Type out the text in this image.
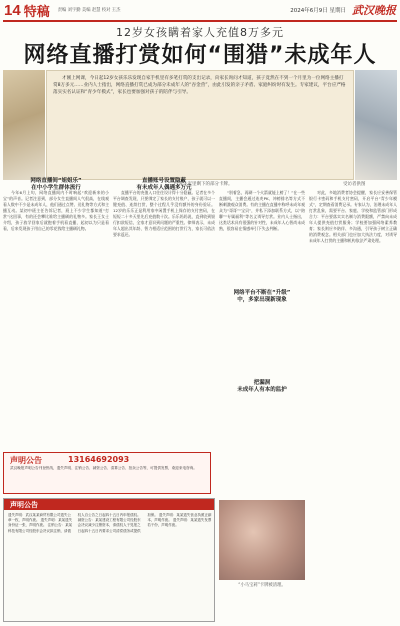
14 特稿 责编 刘宇勤 美编 赵慧 校对 王杰	2024年6月9日 星期日 武汉晚报
12岁女孩瞒着家人充值8万多元
网络直播打赏如何“围猎”未成年人
才刚上网课，今日起12岁女孩乐乐发现自家手机里有多笔打赏的支出记录，向家长询问才知道，孩子竟然在不到一个月里为一位网络主播打赏8万多元……业内人士指出，网络直播打赏已成为部分未成年人的“吞金兽”，由此引发的亲子矛盾、家庭纠纷时有发生。专家建议，平台应严格落实实名认证和“青少年模式”，家长也要加强对孩子的陪伴与引导。
白先生家里剩下的部分卡牌。	受访者供图
网络直播间“姐姐乐”
在中小学生群体流行
直播账号设置隐蔽
有未成年人偶遇多万元

今年6月上旬，网络直播间内不时响起“欢迎新来的小宝”的声音。记者注意到，部分女生直播间人气很高，在线观看人数中不少是未成年人，他们通过点赞、送礼物等方式和主播互动。某初中班主任告诉记者，班上不少学生都知道“打赏”这回事，有的还会攀比谁给主播刷的礼物多。家长王女士介绍，孩子放学回家后就抱着手机看直播，起初以为只是看看，后来发现孩子用自己的零花钱给主播刷礼物。

直播平台的充值入口往往设计得十分隐蔽。记者在多个平台调查发现，只要绑定了家长的支付账户，孩子就可以一键充值、连续打赏，整个过程几乎没有额外的身份验证。12岁的乐乐正是利用家中闲置手机上保存的支付密码，在短短二十多天里先后充值数十次。乐乐妈妈说，直到收到银行扣款短信，全家才意识到问题的严重性。律师表示，未成年人超出其年龄、智力相适应范围的打赏行为，家长可依法要求返还。

“别着急，再刷一个火箭就能上榜了！”在一些直播间，主播会通过连麦PK、冲榜排名等方式不断刺激观众消费。有的主播在直播中称呼未成年观众为“哥哥”“宝贝”，并私下添加联系方式，以“陪聊”“专属福利”等名义诱导打赏。业内人士指出，这类话术具有很强的针对性，未成年人心智尚未成熟，很容易在情感牵引下失去判断。

对此，多地消费者协会提醒，家长应妥善保管银行卡密码和手机支付密码，开启平台“青少年模式”，定期查看消费记录。专家认为，治理未成年人打赏乱象，需要平台、家庭、学校和监管部门形成合力：平台要落实实名制与消费限额，严禁向未成年人提供充值打赏服务；学校要加强网络素养教育；家长则应多陪伴、多沟通，引导孩子树立正确的消费观念。相关部门也应加大执法力度，对诱导未成年人打赏的主播和机构依法严肃处理。

网络平台不断在“升级”
中，多家出现新现象
把漏洞
未成年人有本的监护
“小马宝莉”卡牌被清理。
声明公告	13164692093
武汉晚报声明公告刊登热线，遗失声明、注销公告、减资公告、清算公告、拍卖公告等，可提供发票，欢迎来电咨询。
声明公告
遗失声明：武汉某某商贸有限公司遗失公章一枚，声明作废。 遗失声明：某某遗失身份证一张，声明作废。 注销公告：某某科技有限公司经股东会决议拟注销，请债权人自公告之日起四十五日内申报债权。 减资公告：某某建设工程有限公司经股东会决议减少注册资本，请债权人于见报之日起四十五日内要求公司清偿债务或提供担保。 遗失声明：某某遗失营业执照正副本，声明作废。 遗失声明：某某遗失发票若干份，声明作废。
